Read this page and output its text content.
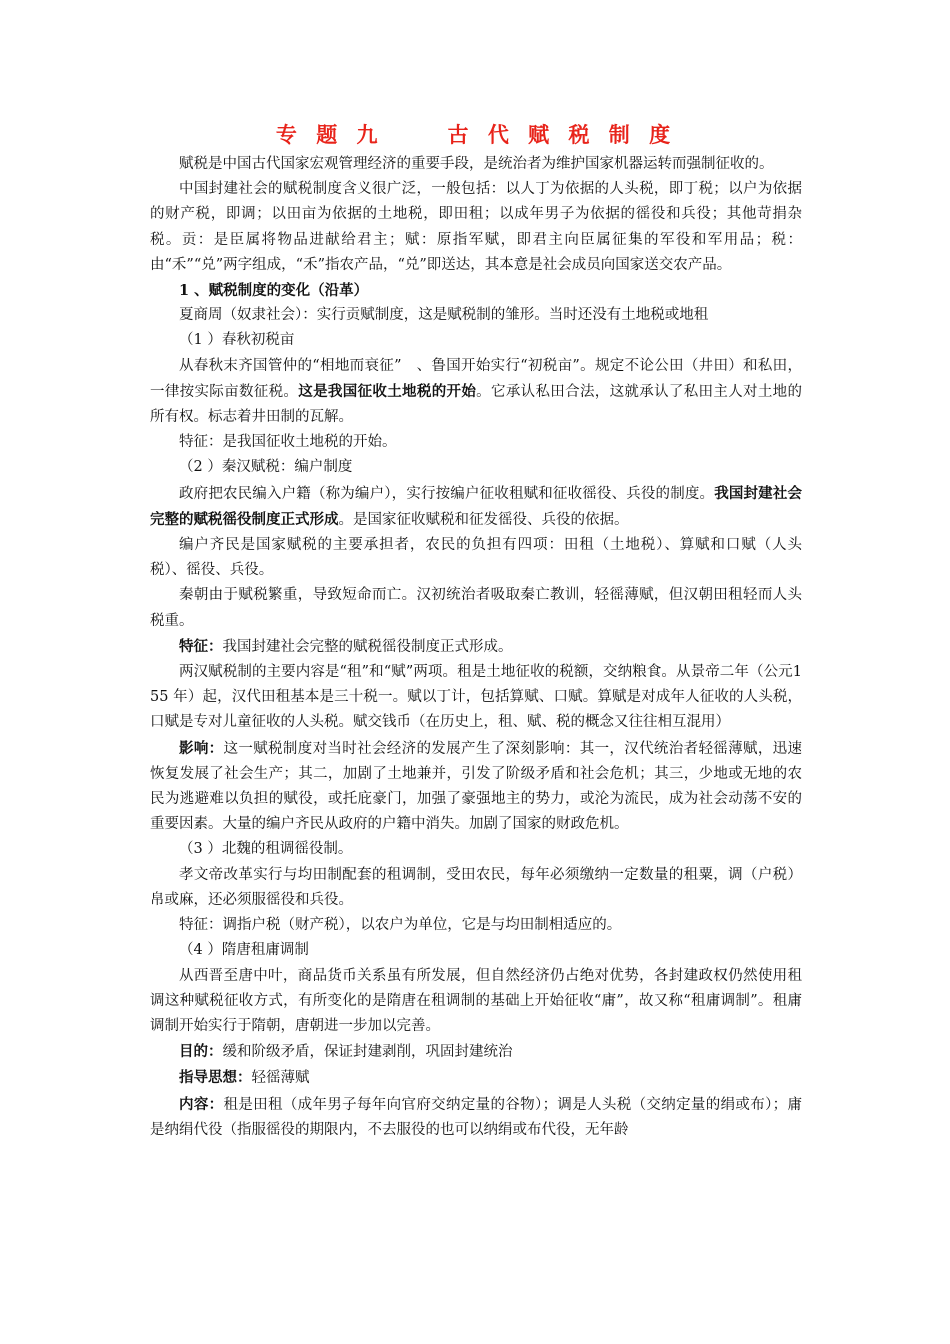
专 题 九	古 代 赋 税 制 度

赋税是中国古代国家宏观管理经济的重要手段，是统治者为维护国家机器运转而强制征收的。

中国封建社会的赋税制度含义很广泛，一般包括：以人丁为依据的人头税，即丁税；以户为依据的财产税，即调；以田亩为依据的土地税，即田租；以成年男子为依据的徭役和兵役；其他苛捐杂税。贡：是臣属将物品进献给君主；赋：原指军赋，即君主向臣属征集的军役和军用品；税：由“禾”“兑”两字组成，“禾”指农产品，“兑”即送达，其本意是社会成员向国家送交农产品。

1 、赋税制度的变化（沿革）

夏商周（奴隶社会）：实行贡赋制度，这是赋税制的雏形。当时还没有土地税或地租

（1 ）春秋初税亩

从春秋末齐国管仲的“相地而衰征”　、鲁国开始实行“初税亩”。规定不论公田（井田）和私田，一律按实际亩数征税。这是我国征收土地税的开始。它承认私田合法，这就承认了私田主人对土地的所有权。标志着井田制的瓦解。

特征：是我国征收土地税的开始。

（2 ）秦汉赋税：编户制度

政府把农民编入户籍（称为编户），实行按编户征收租赋和征收徭役、兵役的制度。我国封建社会完整的赋税徭役制度正式形成。是国家征收赋税和征发徭役、兵役的依据。

编户齐民是国家赋税的主要承担者，农民的负担有四项：田租（土地税）、算赋和口赋（人头税）、徭役、兵役。

秦朝由于赋税繁重，导致短命而亡。汉初统治者吸取秦亡教训，轻徭薄赋，但汉朝田租轻而人头税重。

特征：我国封建社会完整的赋税徭役制度正式形成。

两汉赋税制的主要内容是“租”和“赋”两项。租是土地征收的税额，交纳粮食。从景帝二年（公元155 年）起，汉代田租基本是三十税一。赋以丁计，包括算赋、口赋。算赋是对成年人征收的人头税，口赋是专对儿童征收的人头税。赋交钱币（在历史上，租、赋、税的概念又往往相互混用）

影响：这一赋税制度对当时社会经济的发展产生了深刻影响：其一，汉代统治者轻徭薄赋，迅速恢复发展了社会生产；其二，加剧了土地兼并，引发了阶级矛盾和社会危机；其三，少地或无地的农民为逃避难以负担的赋役，或托庇豪门，加强了豪强地主的势力，或沦为流民，成为社会动荡不安的重要因素。大量的编户齐民从政府的户籍中消失。加剧了国家的财政危机。

（3 ）北魏的租调徭役制。

孝文帝改革实行与均田制配套的租调制，受田农民，每年必须缴纳一定数量的租粟，调（户税）帛或麻，还必须服徭役和兵役。

特征：调指户税（财产税），以农户为单位，它是与均田制相适应的。

（4 ）隋唐租庸调制

从西晋至唐中叶，商品货币关系虽有所发展，但自然经济仍占绝对优势，各封建政权仍然使用租调这种赋税征收方式，有所变化的是隋唐在租调制的基础上开始征收“庸”，故又称“租庸调制”。租庸调制开始实行于隋朝，唐朝进一步加以完善。

目的：缓和阶级矛盾，保证封建剥削，巩固封建统治

指导思想：轻徭薄赋

内容：租是田租（成年男子每年向官府交纳定量的谷物）；调是人头税（交纳定量的绢或布）；庸是纳绢代役（指服徭役的期限内，不去服役的也可以纳绢或布代役，无年龄
